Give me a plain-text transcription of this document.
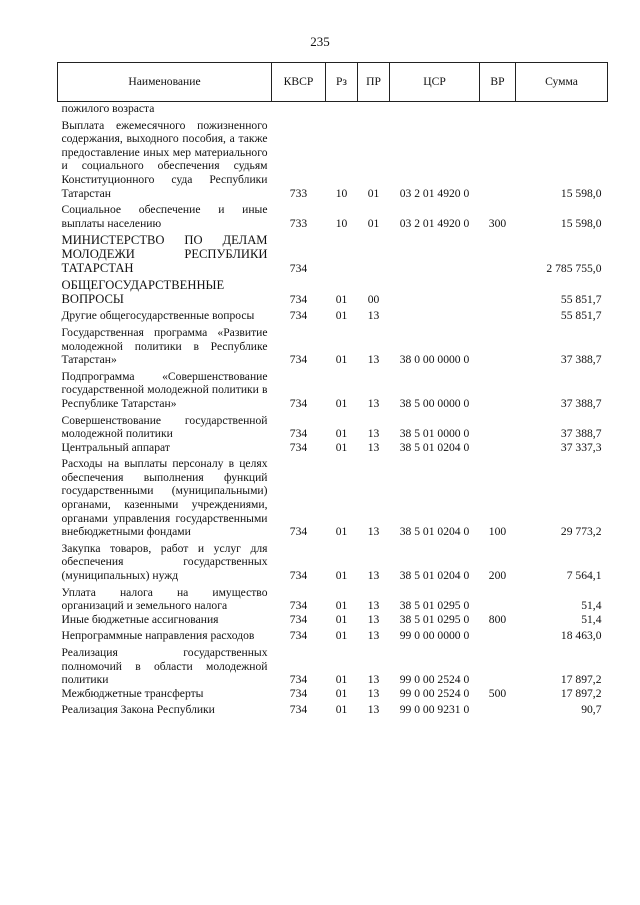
235
Наименование	КВСР	Рз	ПР	ЦСР	ВР	Сумма
пожилого возраста						
Выплата ежемесячного пожизненного содержания, выходного пособия, а также предоставление иных мер материального и социального обеспечения судьям Конституционного суда Республики Татарстан	733	10	01	03 2 01 4920 0		15 598,0
Социальное обеспечение и иные выплаты населению	733	10	01	03 2 01 4920 0	300	15 598,0
МИНИСТЕРСТВО ПО ДЕЛАМ МОЛОДЕЖИ РЕСПУБЛИКИ ТАТАРСТАН	734					2 785 755,0
ОБЩЕГОСУДАРСТВЕННЫЕ ВОПРОСЫ	734	01	00			55 851,7
Другие общегосударственные вопросы	734	01	13			55 851,7
Государственная программа «Развитие молодежной политики в Республике Татарстан»	734	01	13	38 0 00 0000 0		37 388,7
Подпрограмма «Совершенствование государственной молодежной политики в Республике Татарстан»	734	01	13	38 5 00 0000 0		37 388,7
Совершенствование государственной молодежной политики	734	01	13	38 5 01 0000 0		37 388,7
Центральный аппарат	734	01	13	38 5 01 0204 0		37 337,3
Расходы на выплаты персоналу в целях обеспечения выполнения функций государственными (муниципальными) органами, казенными учреждениями, органами управления государственными внебюджетными фондами	734	01	13	38 5 01 0204 0	100	29 773,2
Закупка товаров, работ и услуг для обеспечения государственных (муниципальных) нужд	734	01	13	38 5 01 0204 0	200	7 564,1
Уплата налога на имущество организаций и земельного налога	734	01	13	38 5 01 0295 0		51,4
Иные бюджетные ассигнования	734	01	13	38 5 01 0295 0	800	51,4
Непрограммные направления расходов	734	01	13	99 0 00 0000 0		18 463,0
Реализация государственных полномочий в области молодежной политики	734	01	13	99 0 00 2524 0		17 897,2
Межбюджетные трансферты	734	01	13	99 0 00 2524 0	500	17 897,2
Реализация Закона Республики	734	01	13	99 0 00 9231 0		90,7
